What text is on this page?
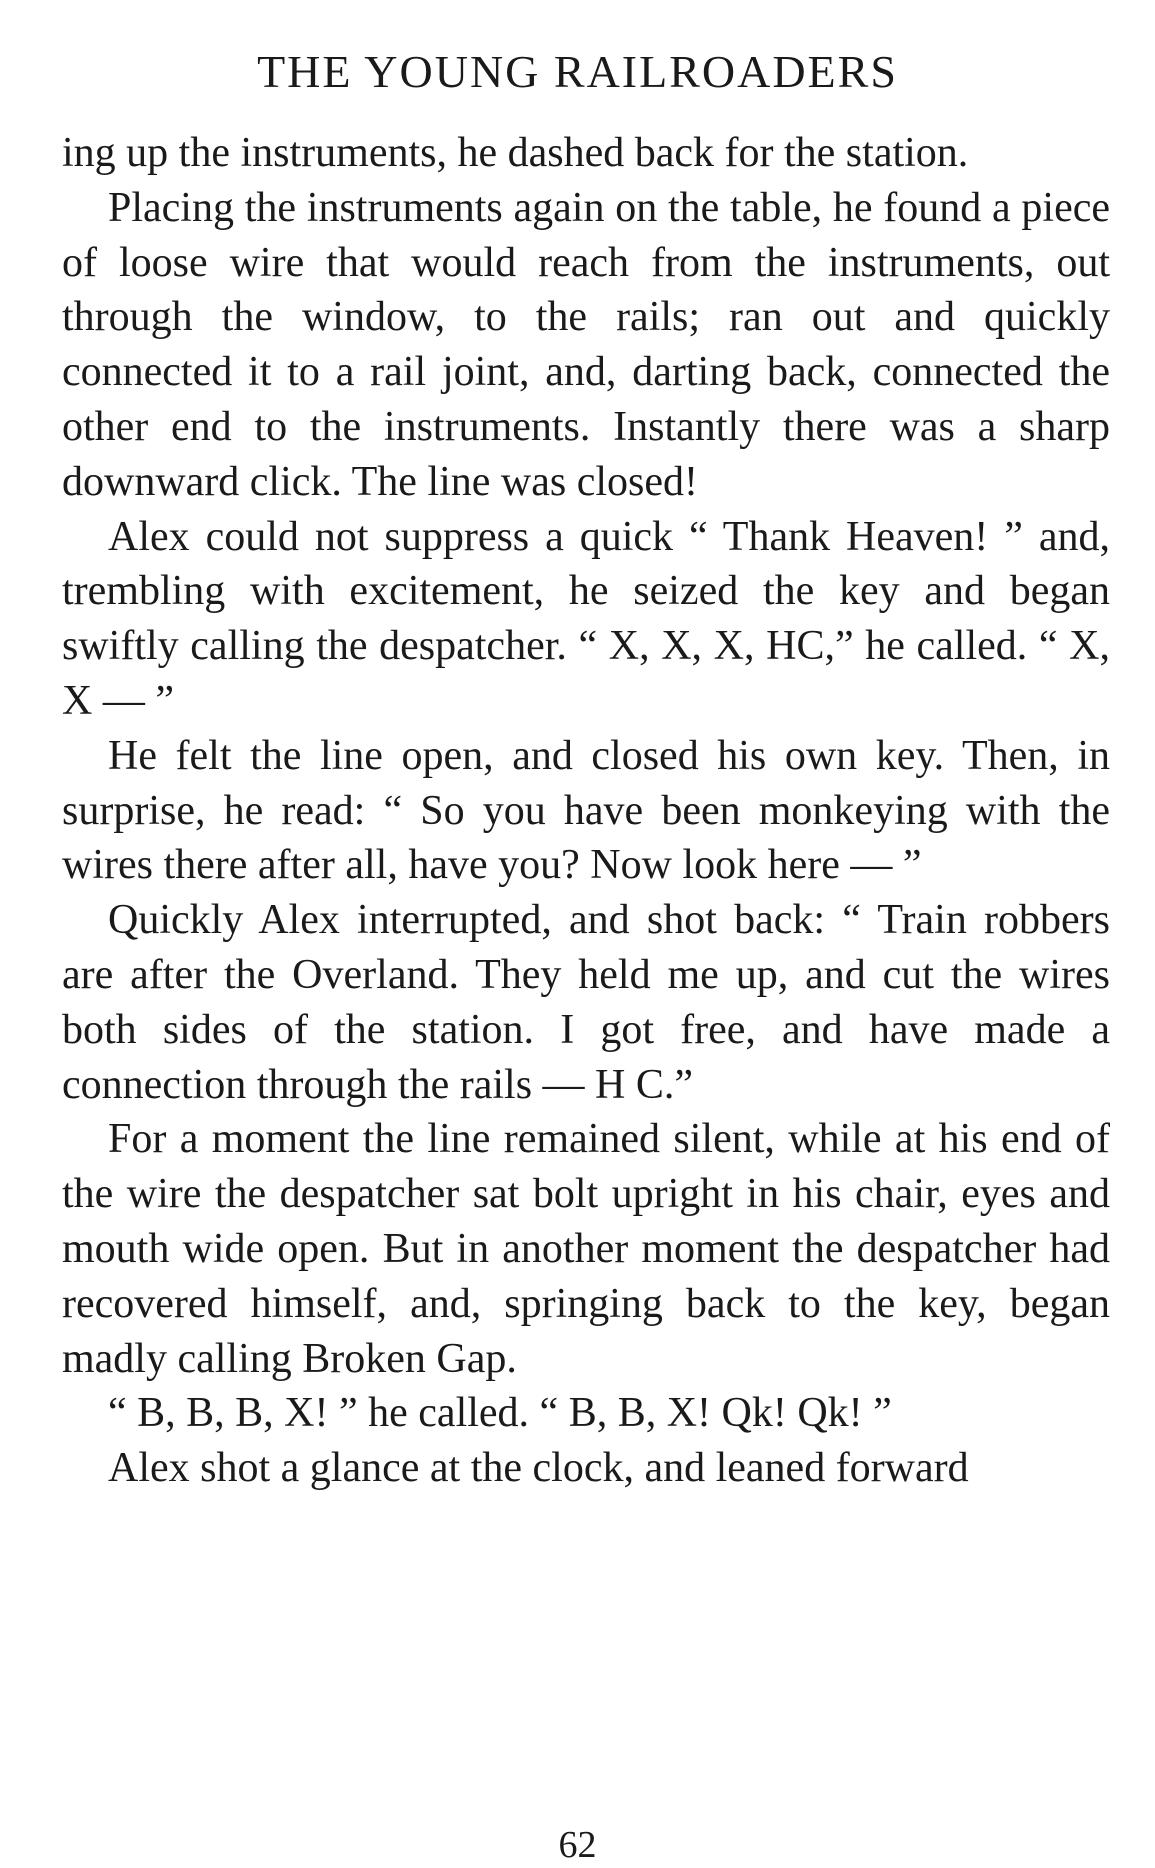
THE YOUNG RAILROADERS

ing up the instruments, he dashed back for the station.

Placing the instruments again on the table, he found a piece of loose wire that would reach from the instruments, out through the window, to the rails; ran out and quickly connected it to a rail joint, and, darting back, connected the other end to the instruments. Instantly there was a sharp downward click. The line was closed!

Alex could not suppress a quick “ Thank Heaven! ” and, trembling with excitement, he seized the key and began swiftly calling the despatcher. “ X, X, X, HC,” he called. “ X, X — ”

He felt the line open, and closed his own key. Then, in surprise, he read: “ So you have been monkeying with the wires there after all, have you? Now look here — ”

Quickly Alex interrupted, and shot back: “ Train robbers are after the Overland. They held me up, and cut the wires both sides of the station. I got free, and have made a connection through the rails — H C.”

For a moment the line remained silent, while at his end of the wire the despatcher sat bolt upright in his chair, eyes and mouth wide open. But in another moment the despatcher had recovered himself, and, springing back to the key, began madly calling Broken Gap.

“ B, B, B, X! ” he called. “ B, B, X! Qk! Qk! ”

Alex shot a glance at the clock, and leaned forward

62
